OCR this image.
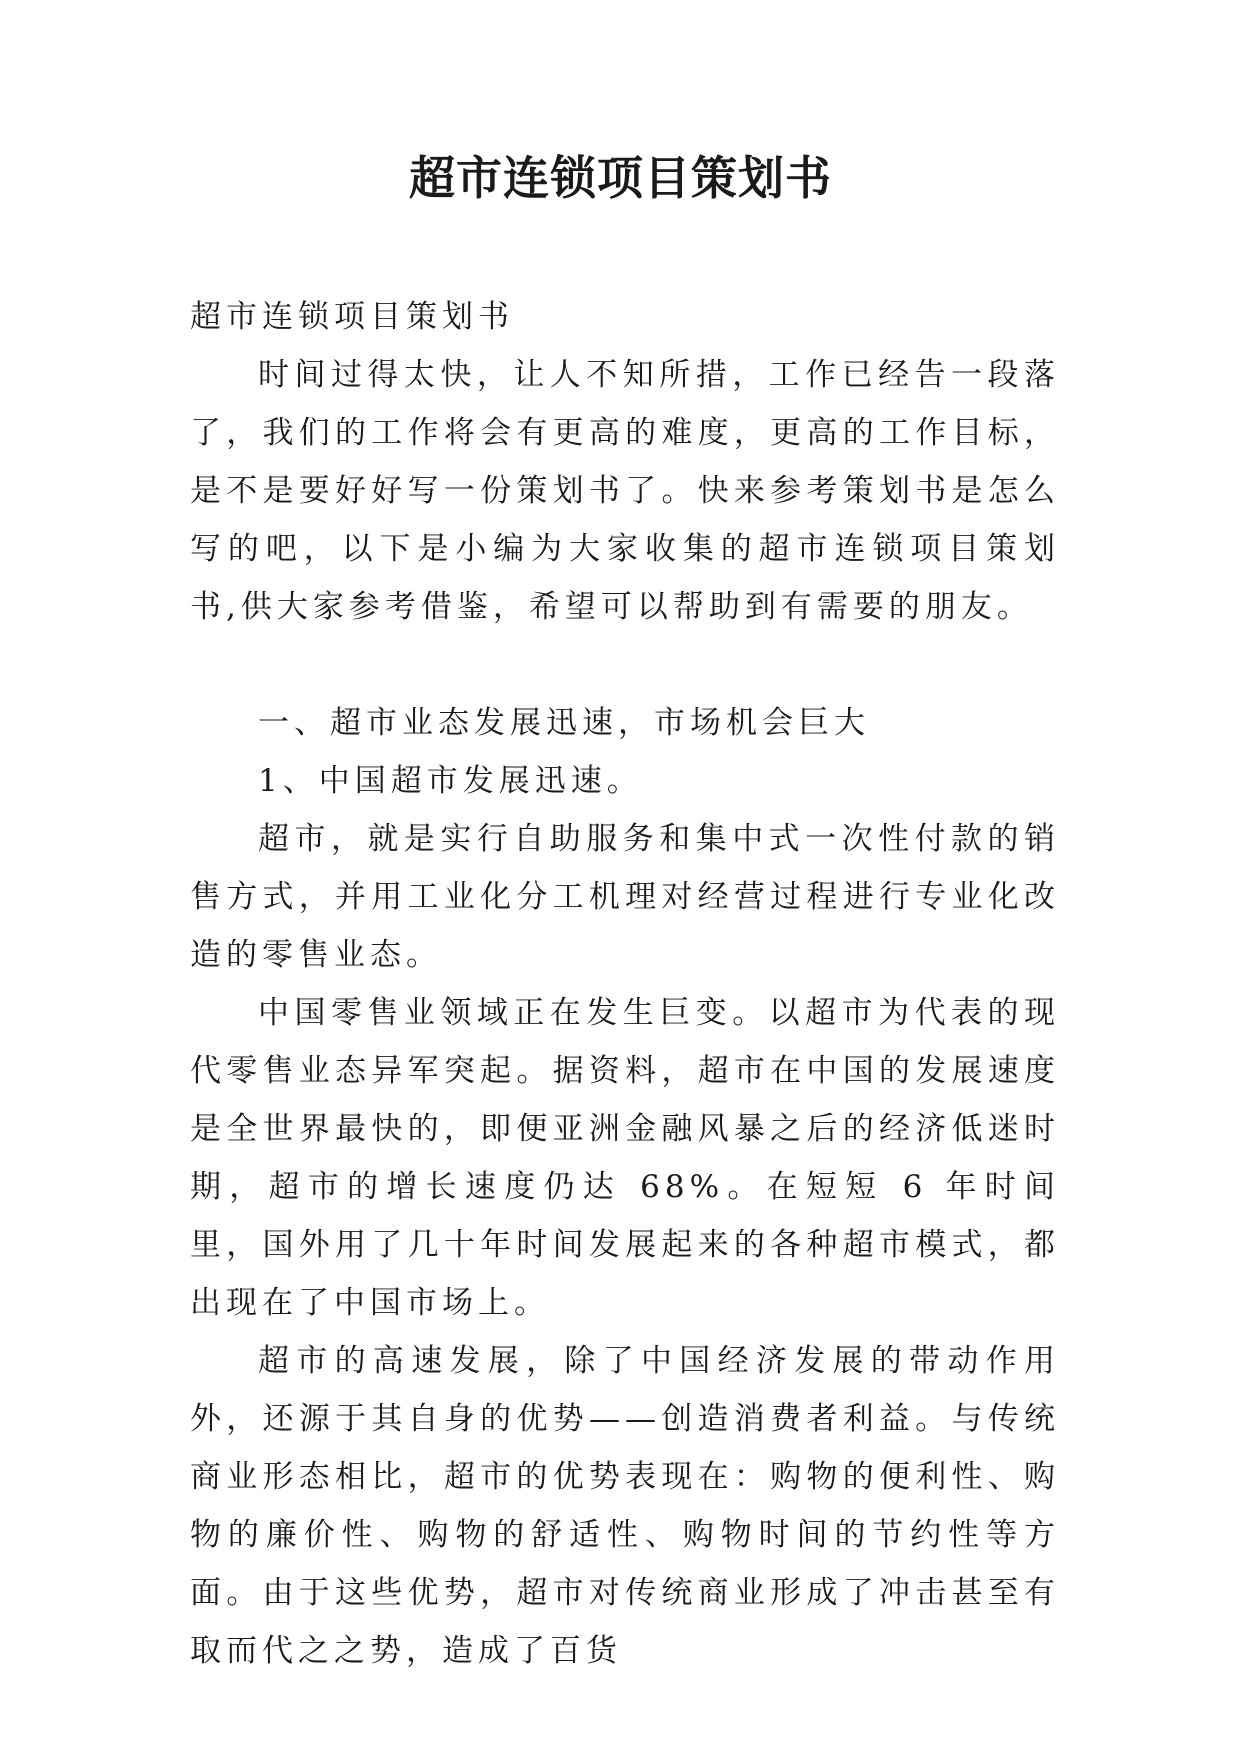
超市连锁项目策划书

超市连锁项目策划书

时间过得太快，让人不知所措，工作已经告一段落了，我们的工作将会有更高的难度，更高的工作目标，是不是要好好写一份策划书了。快来参考策划书是怎么写的吧，以下是小编为大家收集的超市连锁项目策划书,供大家参考借鉴，希望可以帮助到有需要的朋友。

一、超市业态发展迅速，市场机会巨大

1、中国超市发展迅速。

超市，就是实行自助服务和集中式一次性付款的销售方式，并用工业化分工机理对经营过程进行专业化改造的零售业态。

中国零售业领域正在发生巨变。以超市为代表的现代零售业态异军突起。据资料，超市在中国的发展速度是全世界最快的，即便亚洲金融风暴之后的经济低迷时期，超市的增长速度仍达 68%。在短短 6 年时间里，国外用了几十年时间发展起来的各种超市模式，都出现在了中国市场上。

超市的高速发展，除了中国经济发展的带动作用外，还源于其自身的优势——创造消费者利益。与传统商业形态相比，超市的优势表现在：购物的便利性、购物的廉价性、购物的舒适性、购物时间的节约性等方面。由于这些优势，超市对传统商业形成了冲击甚至有取而代之之势，造成了百货
